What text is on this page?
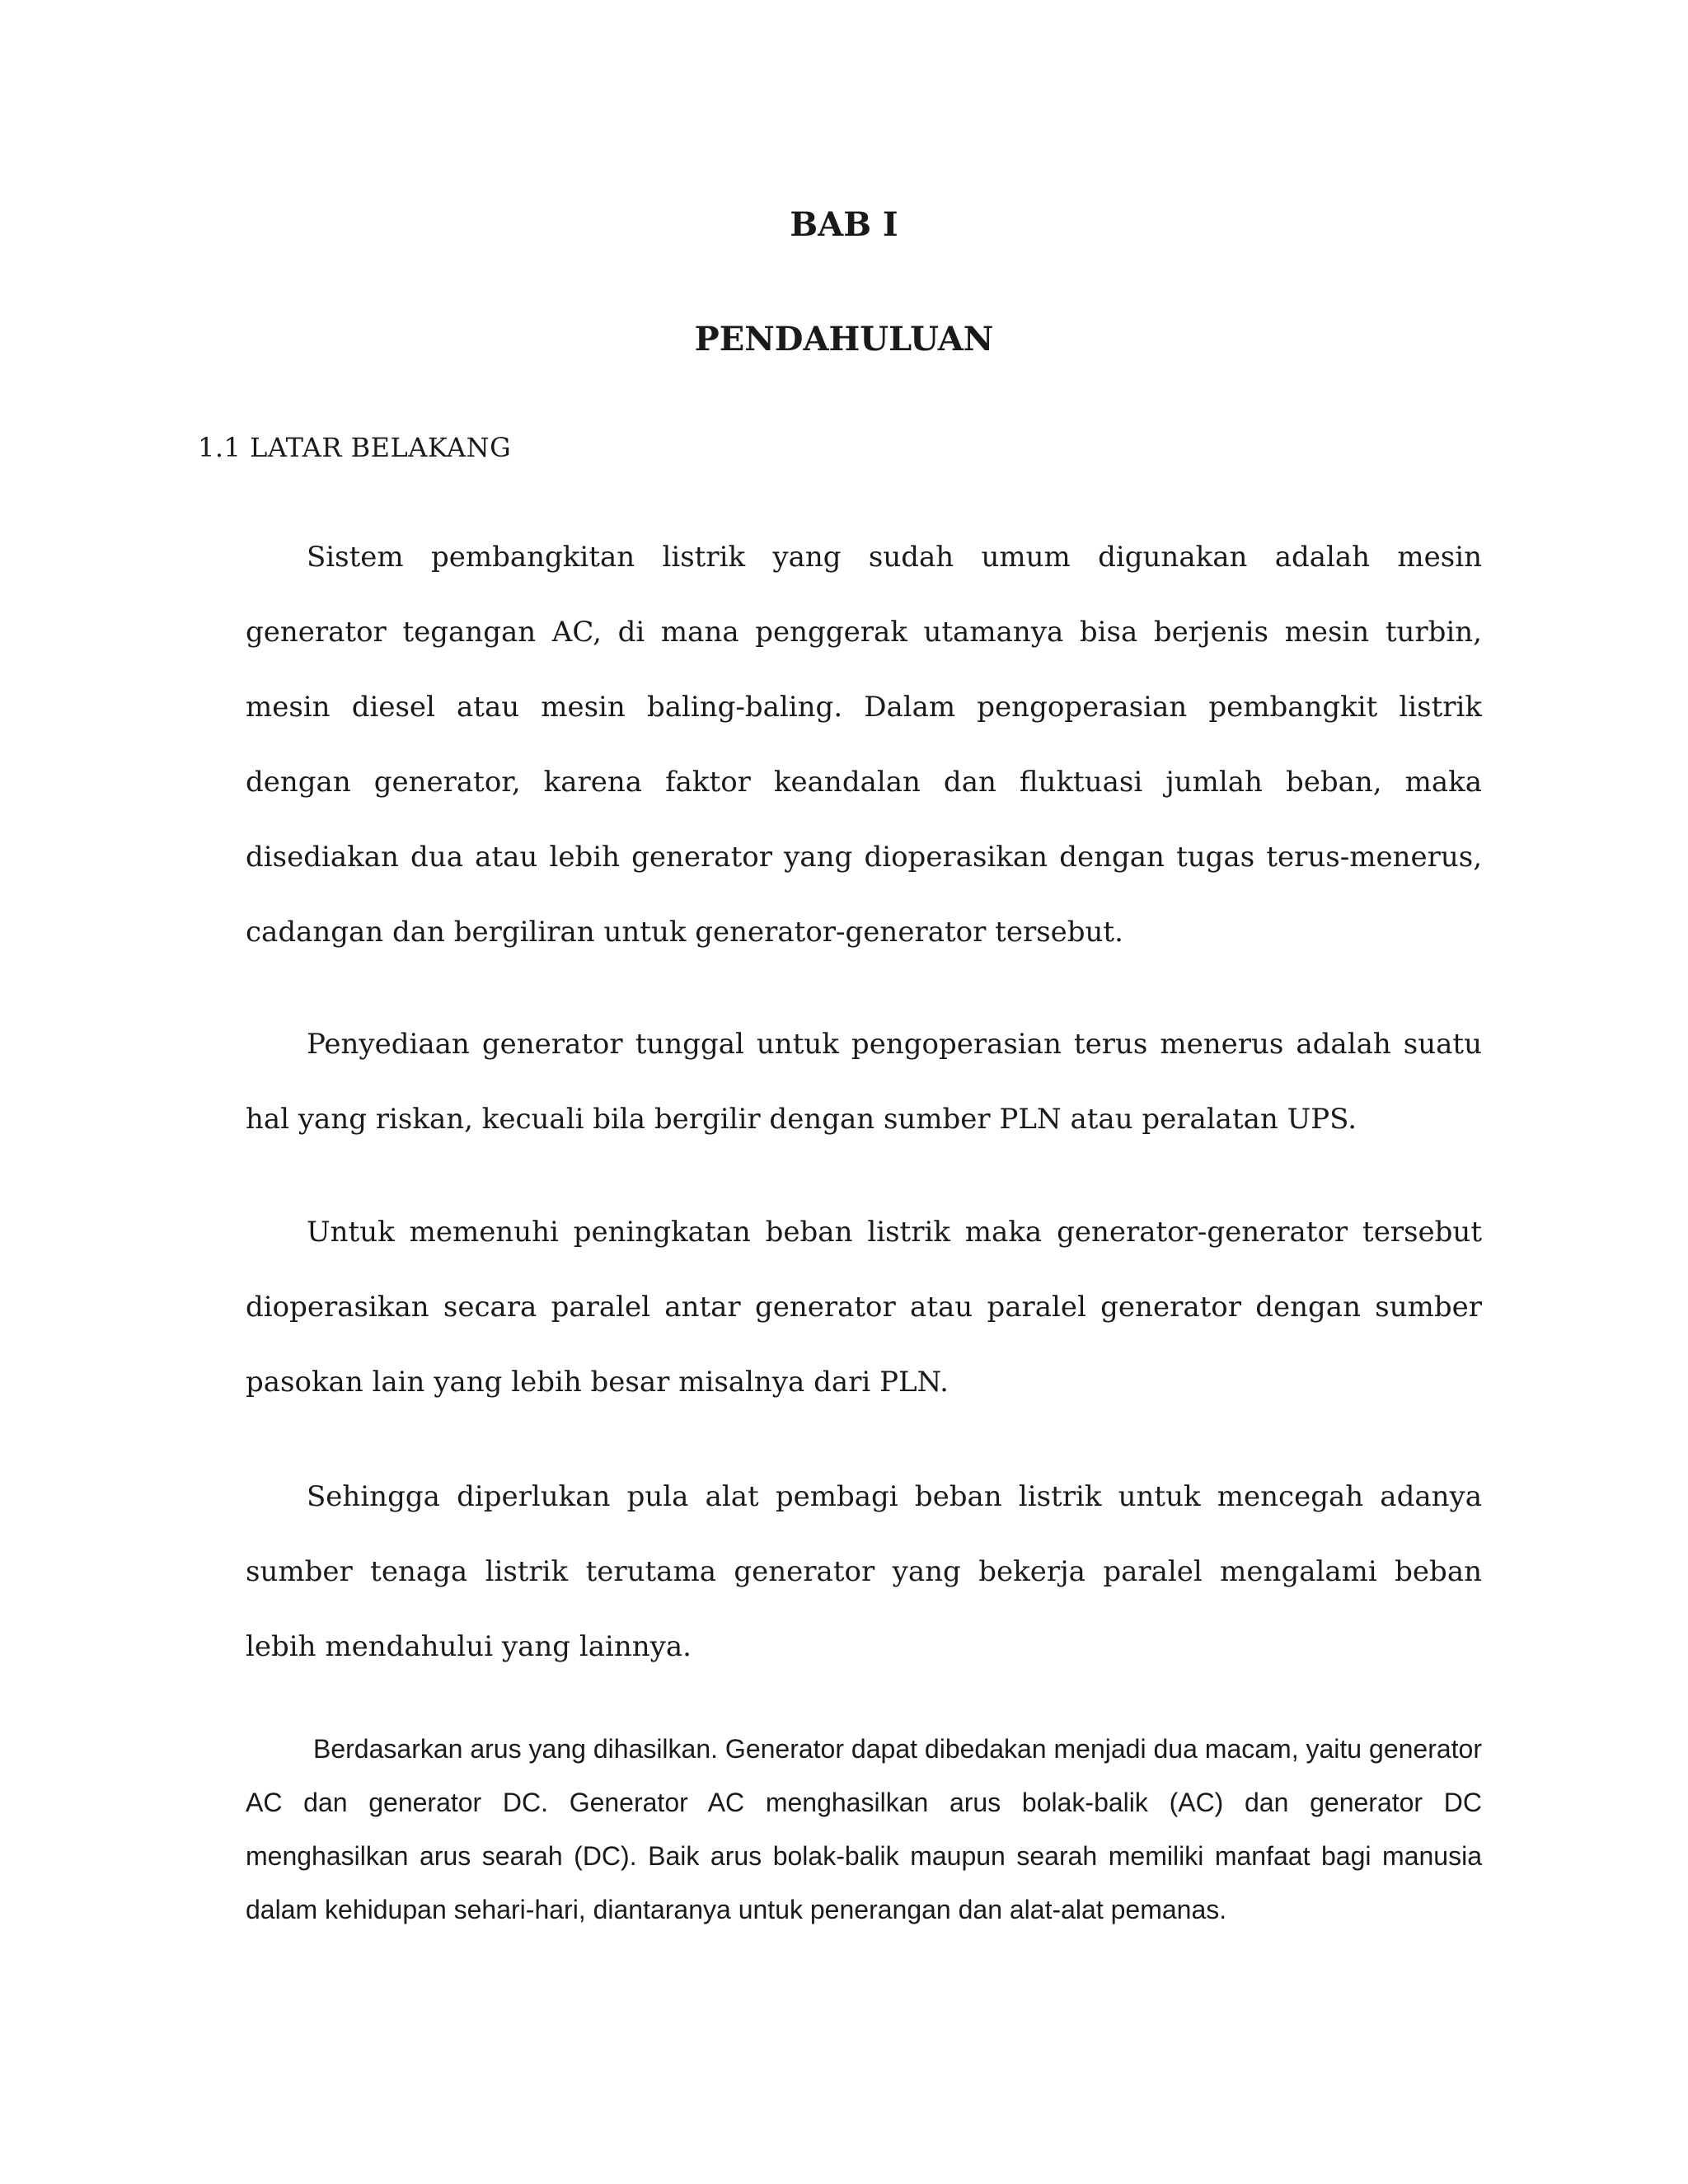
BAB I
PENDAHULUAN
1.1 LATAR BELAKANG

Sistem pembangkitan listrik yang sudah umum digunakan adalah mesin generator tegangan AC, di mana penggerak utamanya bisa berjenis mesin turbin, mesin diesel atau mesin baling-baling. Dalam pengoperasian pembangkit listrik dengan generator, karena faktor keandalan dan fluktuasi jumlah beban, maka disediakan dua atau lebih generator yang dioperasikan dengan tugas terus-menerus, cadangan dan bergiliran untuk generator-generator tersebut.

Penyediaan generator tunggal untuk pengoperasian terus menerus adalah suatu hal yang riskan, kecuali bila bergilir dengan sumber PLN atau peralatan UPS.

Untuk memenuhi peningkatan beban listrik maka generator-generator tersebut dioperasikan secara paralel antar generator atau paralel generator dengan sumber pasokan lain yang lebih besar misalnya dari PLN.

Sehingga diperlukan pula alat pembagi beban listrik untuk mencegah adanya sumber tenaga listrik terutama generator yang bekerja paralel mengalami beban lebih mendahului yang lainnya.

Berdasarkan arus yang dihasilkan. Generator dapat dibedakan menjadi dua macam, yaitu generator AC dan generator DC. Generator AC menghasilkan arus bolak-balik (AC) dan generator DC menghasilkan arus searah (DC). Baik arus bolak-balik maupun searah memiliki manfaat bagi manusia dalam kehidupan sehari-hari, diantaranya untuk penerangan dan alat-alat pemanas.
